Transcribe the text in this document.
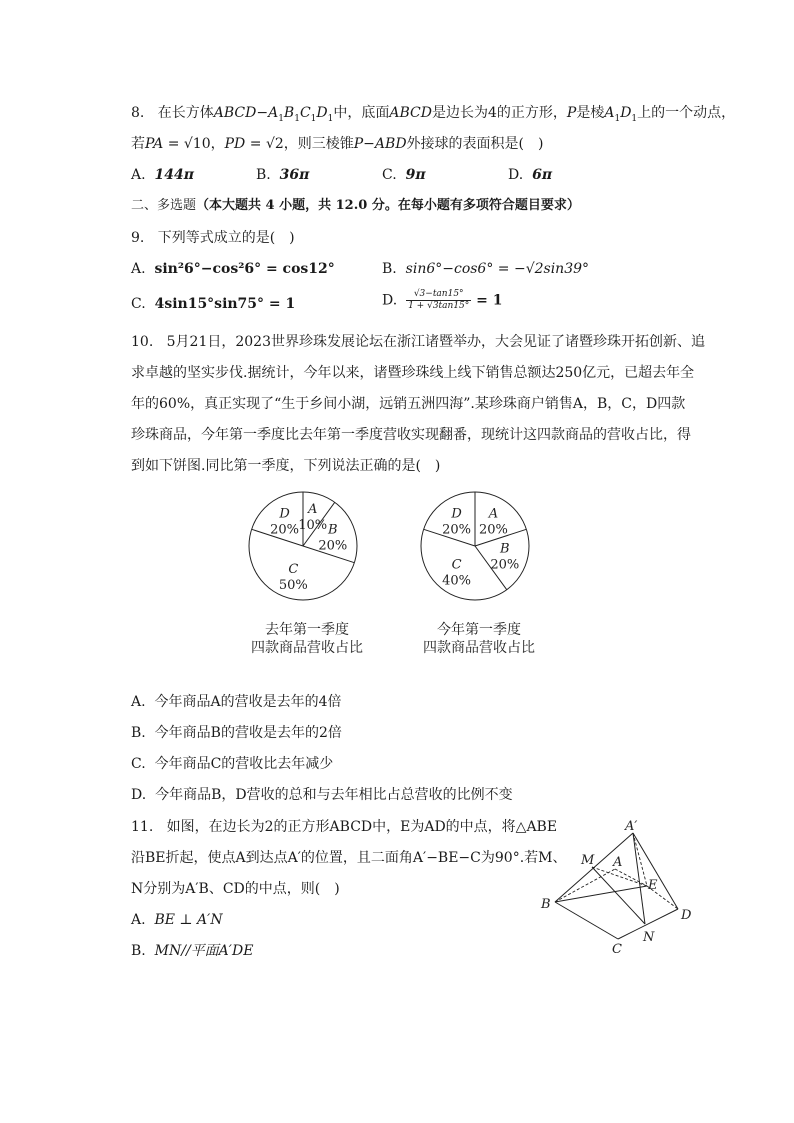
8. 在长方体$ABCD-A_1B_1C_1D_1$中，底面ABCD是边长为4的正方形，P是棱$A_1D_1$上的一个动点，
若PA = √10，PD = √2，则三棱锥P−ABD外接球的表面积是(　)
A. 144π	B. 36π	C. 9π	D. 6π
二、多选题（本大题共 4 小题，共 12.0 分。在每小题有多项符合题目要求）
9. 下列等式成立的是(　)
A. sin²6°−cos²6° = cos12°	B. sin6°−cos6° = −√2sin39°
C. 4sin15°sin75° = 1	D. $\frac{√3-\tan 15^\circ}{1 + √3\tan 15^\circ} = 1$
10. 5月21日，2023世界珍珠发展论坛在浙江诸暨举办，大会见证了诸暨珍珠开拓创新、追
求卓越的坚实步伐.据统计，今年以来，诸暨珍珠线上线下销售总额达250亿元，已超去年全
年的60%，真正实现了“生于乡间小湖，远销五洲四海”.某珍珠商户销售A，B，C，D四款
珍珠商品，今年第一季度比去年第一季度营收实现翻番，现统计这四款商品的营收占比，得
到如下饼图.同比第一季度，下列说法正确的是(　)
A
10% B
20%
C
50%
D
20%
去年第一季度
四款商品营收占比
A
20%
B
20%
C
40%
D
20%
今年第一季度
四款商品营收占比
A. 今年商品A的营收是去年的4倍
B. 今年商品B的营收是去年的2倍
C. 今年商品C的营收比去年减少
D. 今年商品B，D营收的总和与去年相比占总营收的比例不变
11. 如图，在边长为2的正方形ABCD中，E为AD的中点，将△ABE
沿BE折起，使点A到达点A′的位置，且二面角A′−BE−C为90°.若M、
N分别为A′B、CD的中点，则(　)
A. BE ⊥ A′N
B. MN//平面A′DE
A′
M A
E
B
D
C
N
